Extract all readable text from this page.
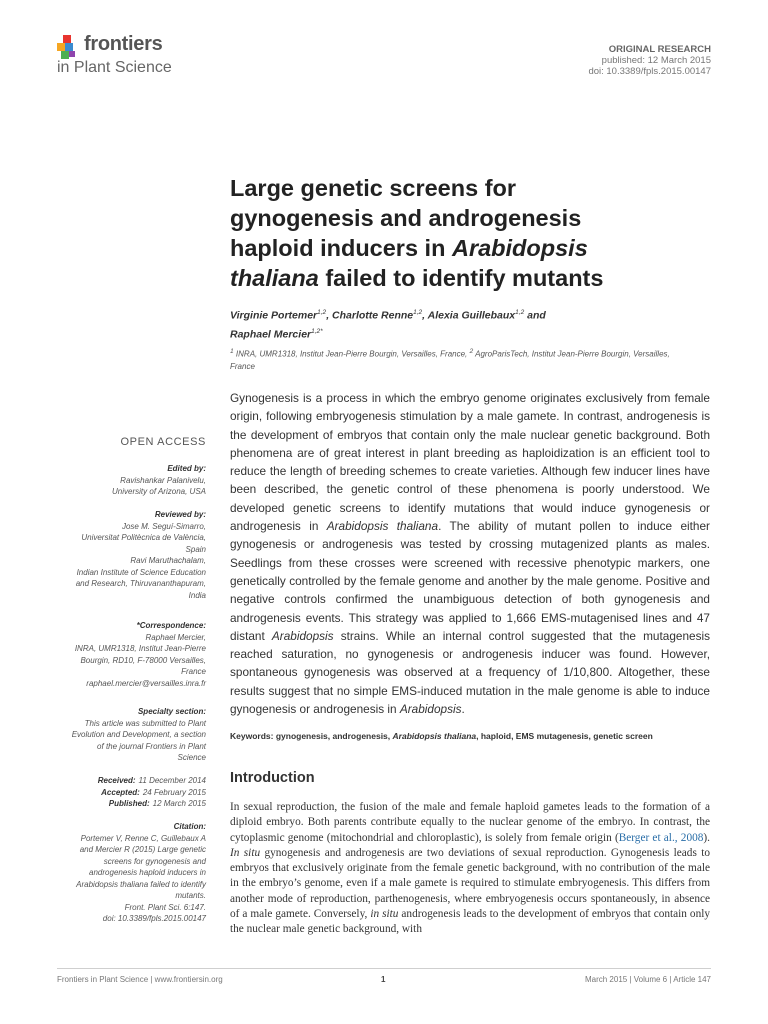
frontiers
in Plant Science
ORIGINAL RESEARCH
published: 12 March 2015
doi: 10.3389/fpls.2015.00147
Large genetic screens for
gynogenesis and androgenesis
haploid inducers in Arabidopsis
thaliana failed to identify mutants
Virginie Portemer$^{1,2}$, Charlotte Renne$^{1,2}$, Alexia Guillebaux$^{1,2}$ and
Raphael Mercier$^{1,2*}$
$^1$ INRA, UMR1318, Institut Jean-Pierre Bourgin, Versailles, France, $^2$ AgroParisTech, Institut Jean-Pierre Bourgin, Versailles,
France
Gynogenesis is a process in which the embryo genome originates exclusively from female origin, following embryogenesis stimulation by a male gamete. In contrast, androgenesis is the development of embryos that contain only the male nuclear genetic background. Both phenomena are of great interest in plant breeding as haploidization is an efficient tool to reduce the length of breeding schemes to create varieties. Although few inducer lines have been described, the genetic control of these phenomena is poorly understood. We developed genetic screens to identify mutations that would induce gynogenesis or androgenesis in Arabidopsis thaliana. The ability of mutant pollen to induce either gynogenesis or androgenesis was tested by crossing mutagenized plants as males. Seedlings from these crosses were screened with recessive phenotypic markers, one genetically controlled by the female genome and another by the male genome. Positive and negative controls confirmed the unambiguous detection of both gynogenesis and androgenesis events. This strategy was applied to 1,666 EMS-mutagenised lines and 47 distant Arabidopsis strains. While an internal control suggested that the mutagenesis reached saturation, no gynogenesis or androgenesis inducer was found. However, spontaneous gynogenesis was observed at a frequency of 1/10,800. Altogether, these results suggest that no simple EMS-induced mutation in the male genome is able to induce gynogenesis or androgenesis in Arabidopsis.
Keywords: gynogenesis, androgenesis, Arabidopsis thaliana, haploid, EMS mutagenesis, genetic screen
OPEN ACCESS
Edited by:
Ravishankar Palanivelu,
University of Arizona, USA
Reviewed by:
Jose M. Seguí-Simarro,
Universitat Politècnica de València,
Spain
Ravi Maruthachalam,
Indian Institute of Science Education
and Research, Thiruvananthapuram,
India
*Correspondence:
Raphael Mercier,
INRA, UMR1318, Institut Jean-Pierre
Bourgin, RD10, F-78000 Versailles,
France
raphael.mercier@versailles.inra.fr
Specialty section:
This article was submitted to Plant
Evolution and Development, a section
of the journal Frontiers in Plant
Science
Received: 11 December 2014
Accepted: 24 February 2015
Published: 12 March 2015
Citation:
Portemer V, Renne C, Guillebaux A
and Mercier R (2015) Large genetic
screens for gynogenesis and
androgenesis haploid inducers in
Arabidopsis thaliana failed to identify
mutants.
Front. Plant Sci. 6:147.
doi: 10.3389/fpls.2015.00147
Introduction
In sexual reproduction, the fusion of the male and female haploid gametes leads to the formation of a diploid embryo. Both parents contribute equally to the nuclear genome of the embryo. In contrast, the cytoplasmic genome (mitochondrial and chloroplastic), is solely from female origin (Berger et al., 2008). In situ gynogenesis and androgenesis are two deviations of sexual reproduction. Gynogenesis leads to embryos that exclusively originate from the female genetic background, with no contribution of the male in the embryo’s genome, even if a male gamete is required to stimulate embryogenesis. This differs from another mode of reproduction, parthenogenesis, where embryogenesis occurs spontaneously, in absence of a male gamete. Conversely, in situ androgenesis leads to the development of embryos that contain only the nuclear male genetic background, with
Frontiers in Plant Science | www.frontiersin.org	1	March 2015 | Volume 6 | Article 147
